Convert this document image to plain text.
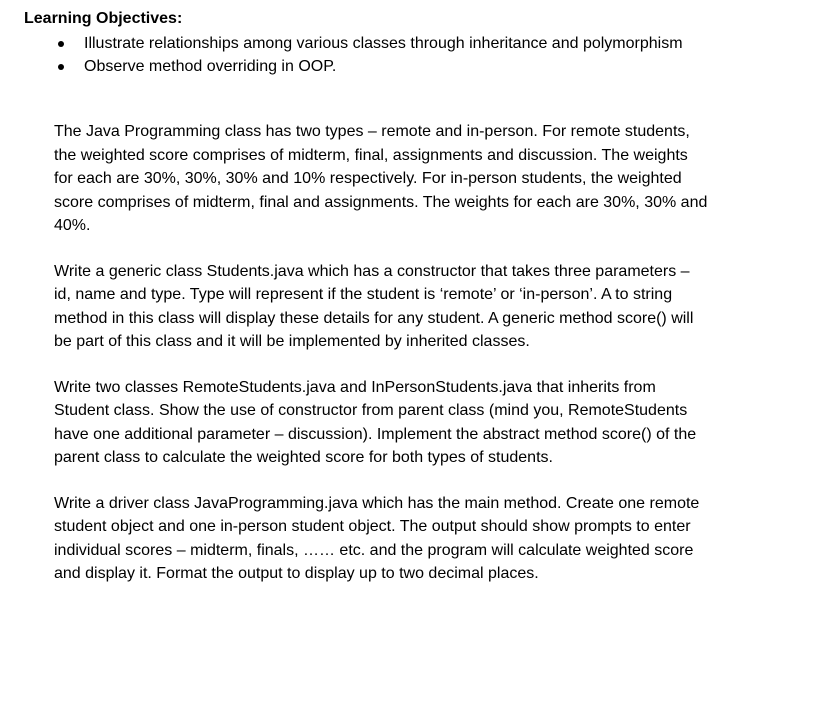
Learning Objectives:

Illustrate relationships among various classes through inheritance and polymorphism
Observe method overriding in OOP.

The Java Programming class has two types – remote and in-person. For remote students,
the weighted score comprises of midterm, final, assignments and discussion. The weights
for each are 30%, 30%, 30% and 10% respectively. For in-person students, the weighted
score comprises of midterm, final and assignments. The weights for each are 30%, 30% and
40%.

Write a generic class Students.java which has a constructor that takes three parameters –
id, name and type. Type will represent if the student is ‘remote’ or ‘in-person’. A to string
method in this class will display these details for any student. A generic method score() will
be part of this class and it will be implemented by inherited classes.

Write two classes RemoteStudents.java and InPersonStudents.java that inherits from
Student class. Show the use of constructor from parent class (mind you, RemoteStudents
have one additional parameter – discussion). Implement the abstract method score() of the
parent class to calculate the weighted score for both types of students.

Write a driver class JavaProgramming.java which has the main method. Create one remote
student object and one in-person student object. The output should show prompts to enter
individual scores – midterm, finals, …… etc. and the program will calculate weighted score
and display it. Format the output to display up to two decimal places.
